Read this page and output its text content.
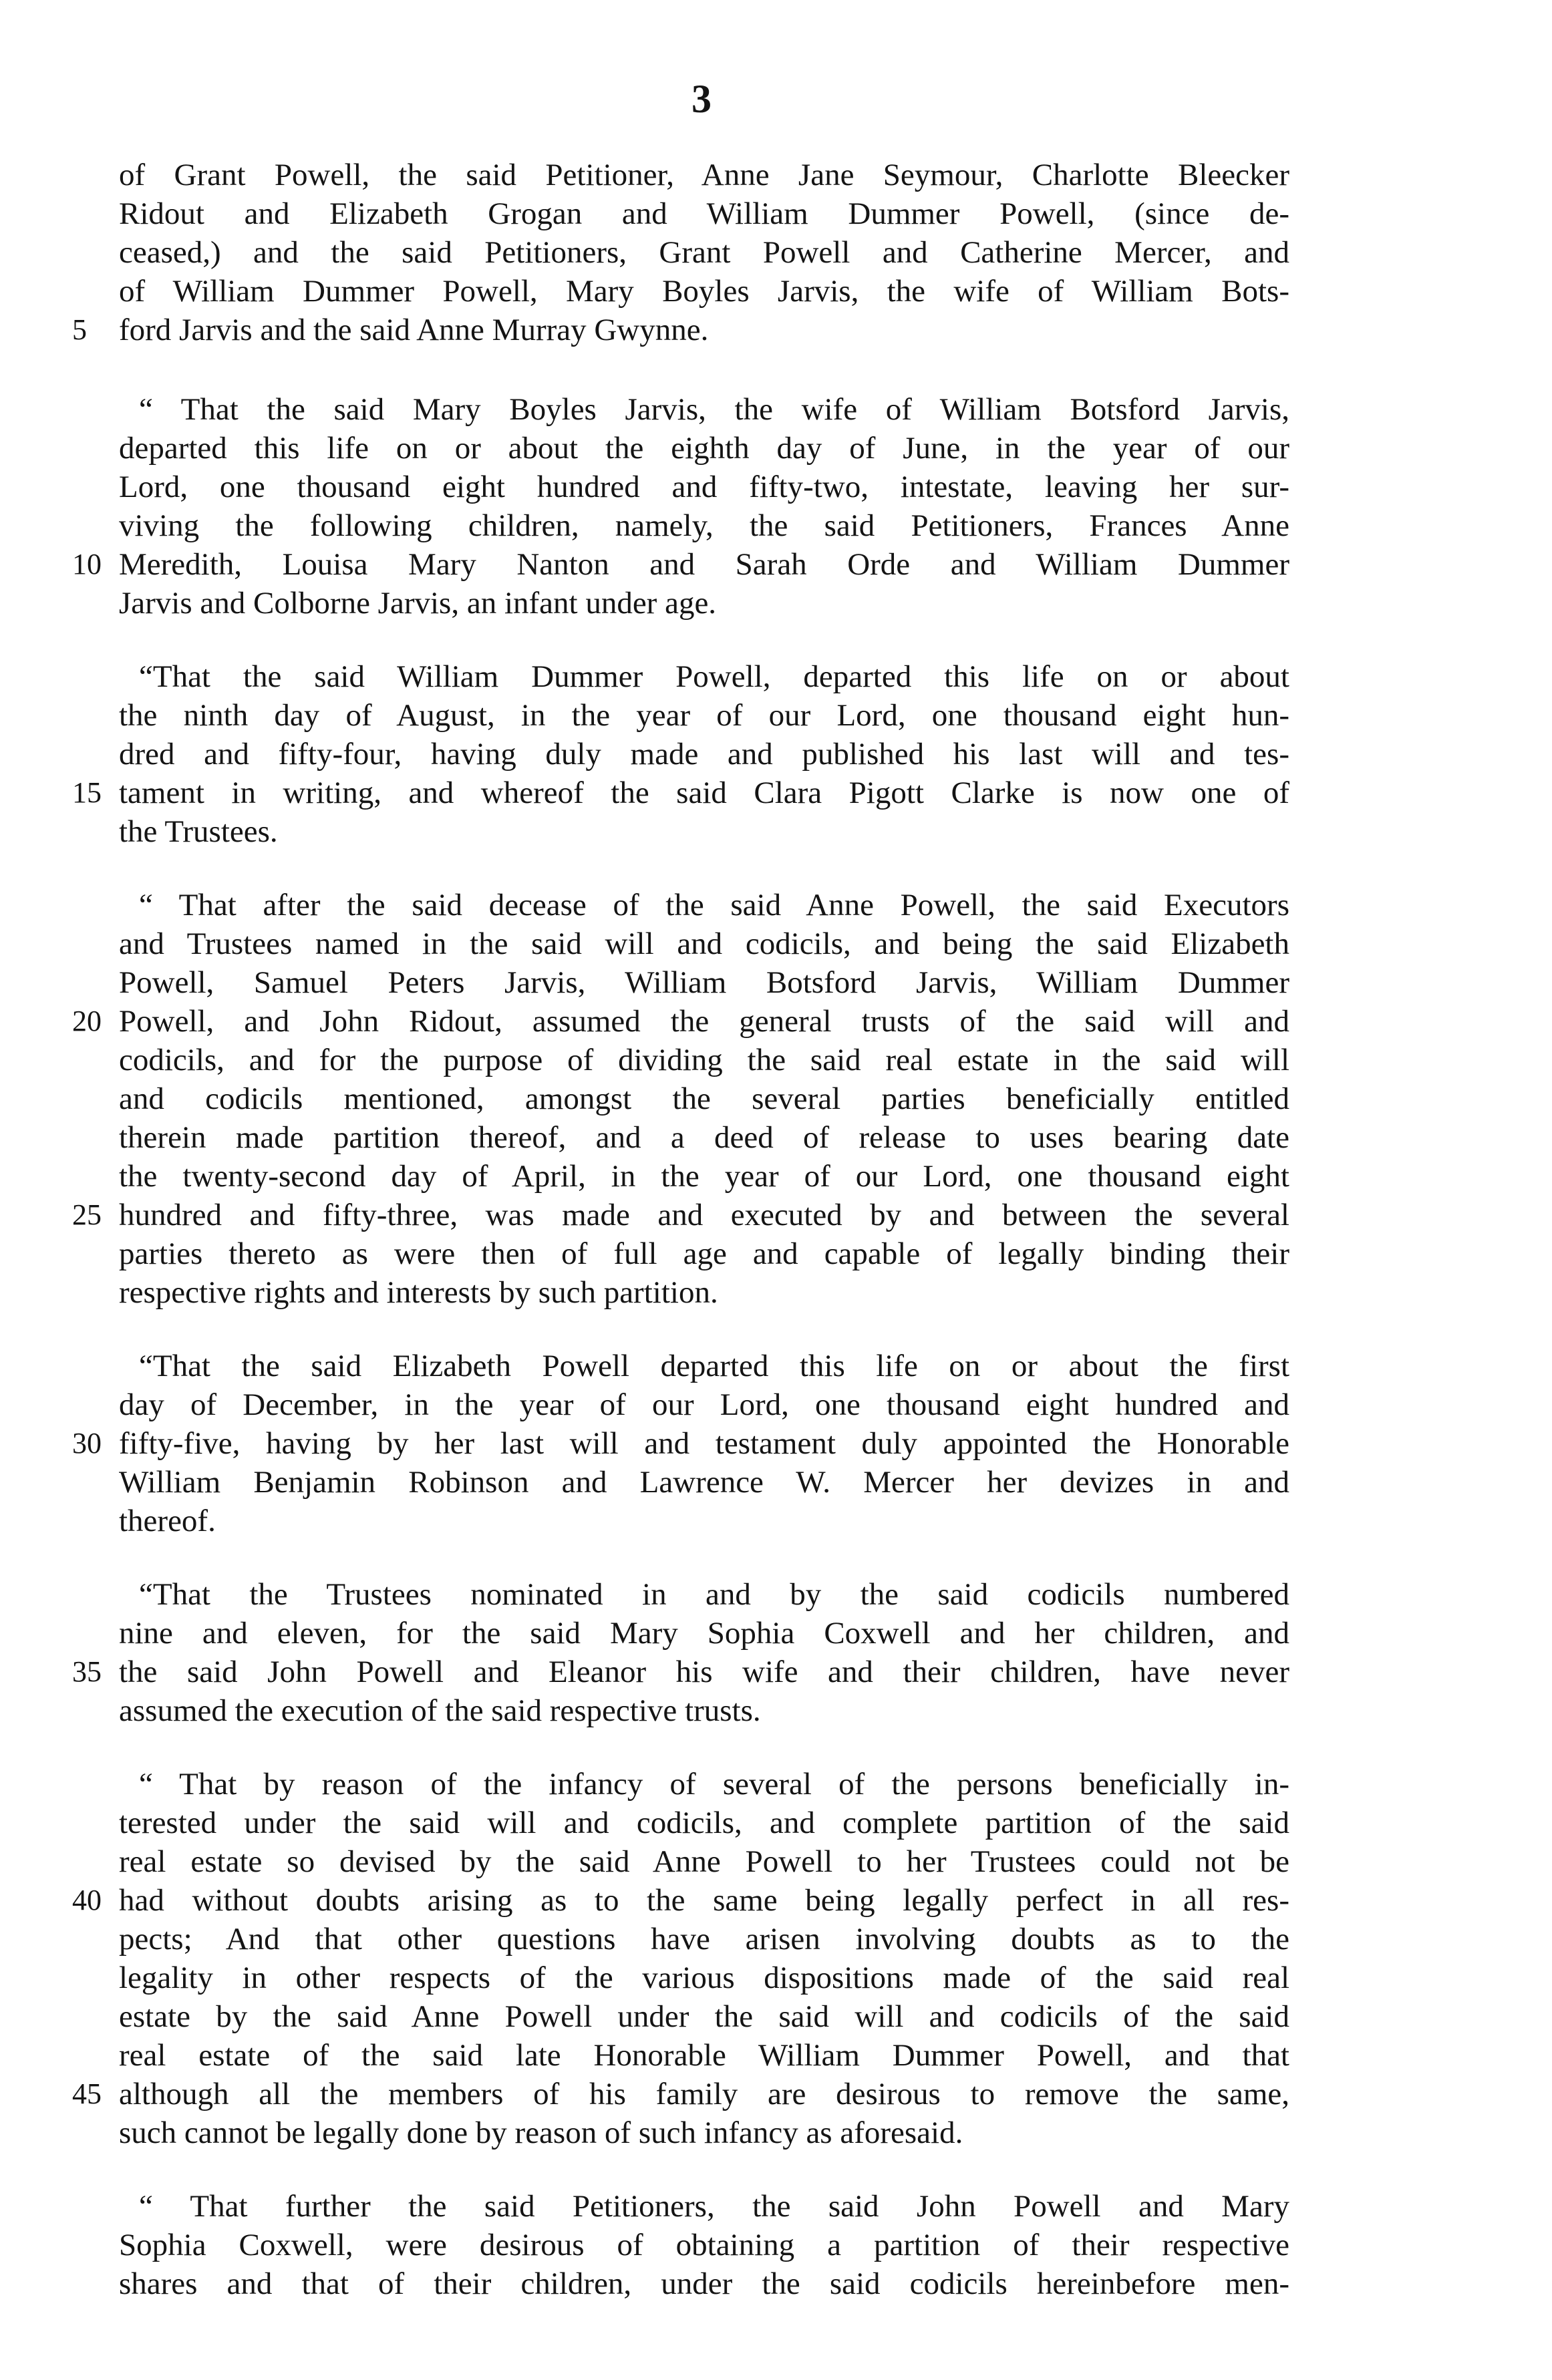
3

of Grant Powell, the said Petitioner, Anne Jane Seymour, Charlotte Bleecker

Ridout and Elizabeth Grogan and William Dummer Powell, (since de-

ceased,) and the said Petitioners, Grant Powell and Catherine Mercer, and

of William Dummer Powell, Mary Boyles Jarvis, the wife of William Bots-

ford Jarvis and the said Anne Murray Gwynne.

5

“ That the said Mary Boyles Jarvis, the wife of William Botsford Jarvis,

departed this life on or about the eighth day of June, in the year of our

Lord, one thousand eight hundred and fifty-two, intestate, leaving her sur-

viving the following children, namely, the said Petitioners, Frances Anne

Meredith, Louisa Mary Nanton and Sarah Orde and William Dummer

10

Jarvis and Colborne Jarvis, an infant under age.

“That the said William Dummer Powell, departed this life on or about

the ninth day of August, in the year of our Lord, one thousand eight hun-

dred and fifty-four, having duly made and published his last will and tes-

tament in writing, and whereof the said Clara Pigott Clarke is now one of

15

the Trustees.

“ That after the said decease of the said Anne Powell, the said Executors

and Trustees named in the said will and codicils, and being the said Elizabeth

Powell, Samuel Peters Jarvis, William Botsford Jarvis, William Dummer

Powell, and John Ridout, assumed the general trusts of the said will and

20

codicils, and for the purpose of dividing the said real estate in the said will

and codicils mentioned, amongst the several parties beneficially entitled

therein made partition thereof, and a deed of release to uses bearing date

the twenty-second day of April, in the year of our Lord, one thousand eight

hundred and fifty-three, was made and executed by and between the several

25

parties thereto as were then of full age and capable of legally binding their

respective rights and interests by such partition.

“That the said Elizabeth Powell departed this life on or about the first

day of December, in the year of our Lord, one thousand eight hundred and

fifty-five, having by her last will and testament duly appointed the Honorable

30

William Benjamin Robinson and Lawrence W. Mercer her devizes in and

thereof.

“That the Trustees nominated in and by the said codicils numbered

nine and eleven, for the said Mary Sophia Coxwell and her children, and

the said John Powell and Eleanor his wife and their children, have never

35

assumed the execution of the said respective trusts.

“ That by reason of the infancy of several of the persons beneficially in-

terested under the said will and codicils, and complete partition of the said

real estate so devised by the said Anne Powell to her Trustees could not be

had without doubts arising as to the same being legally perfect in all res-

40

pects; And that other questions have arisen involving doubts as to the

legality in other respects of the various dispositions made of the said real

estate by the said Anne Powell under the said will and codicils of the said

real estate of the said late Honorable William Dummer Powell, and that

although all the members of his family are desirous to remove the same,

45

such cannot be legally done by reason of such infancy as aforesaid.

“ That further the said Petitioners, the said John Powell and Mary

Sophia Coxwell, were desirous of obtaining a partition of their respective

shares and that of their children, under the said codicils hereinbefore men-
